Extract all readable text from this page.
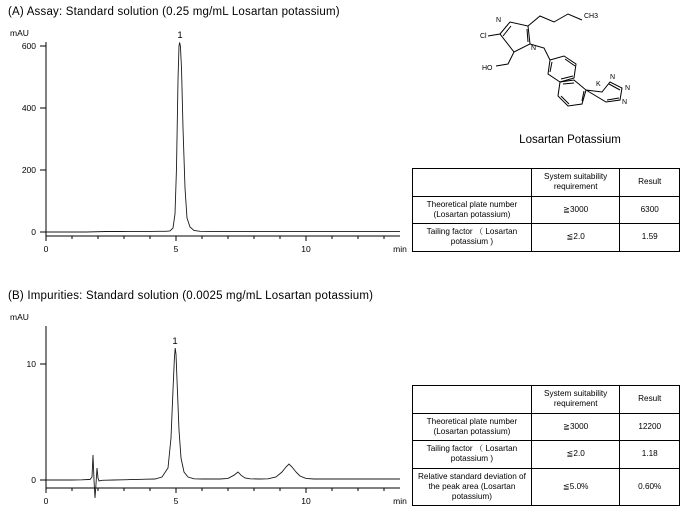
(A) Assay: Standard solution (0.25 mg/mL Losartan potassium)
mAU
0
200
400
600
0	5	10	min
1
(B) Impurities: Standard solution (0.0025 mg/mL Losartan potassium)
mAU
0
10
0	5	10	min
1
N
N
Cl
HO
K
N
N
N
CH3
Losartan Potassium
	System suitability requirement	Result
Theoretical plate number (Losartan potassium)	≧3000	6300
Tailing factor （ Losartan potassium )	≦2.0	1.59
	System suitability requirement	Result
Theoretical plate number (Losartan potassium)	≧3000	12200
Tailing factor （ Losartan potassium )	≦2.0	1.18
Relative standard deviation of the peak area (Losartan potassium)	≦5.0%	0.60%
